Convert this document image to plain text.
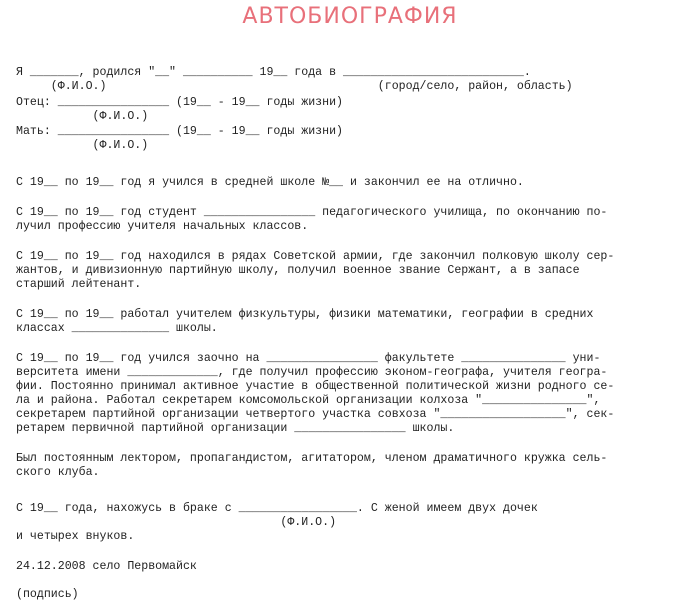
АВТОБИОГРАФИЯ
Я _______, родился "__" __________ 19__ года в __________________________.
(Ф.И.О.)                                       (город/село, район, область)
Отец: ________________ (19__ - 19__ годы жизни)
(Ф.И.О.)
Мать: ________________ (19__ - 19__ годы жизни)
(Ф.И.О.)
С 19__ по 19__ год я учился в средней школе №__ и закончил ее на отлично.
С 19__ по 19__ год студент ________________ педагогического училища, по окончанию по-
лучил профессию учителя начальных классов.
С 19__ по 19__ год находился в рядах Советской армии, где закончил полковую школу сер-
жантов, и дивизионную партийную школу, получил военное звание Сержант, а в запасе
старший лейтенант.
С 19__ по 19__ работал учителем физкультуры, физики математики, географии в средних
классах ______________ школы.
С 19__ по 19__ год учился заочно на ________________ факультете _______________ уни-
верситета имени _____________, где получил профессию эконом-географа, учителя геогра-
фии. Постоянно принимал активное участие в общественной политической жизни родного се-
ла и района. Работал секретарем комсомольской организации колхоза "_______________",
секретарем партийной организации четвертого участка совхоза "__________________", сек-
ретарем первичной партийной организации ________________ школы.
Был постоянным лектором, пропагандистом, агитатором, членом драматичного кружка сель-
ского клуба.
С 19__ года, нахожусь в браке с _________________. С женой имеем двух дочек
(Ф.И.О.)
и четырех внуков.
24.12.2008 село Первомайск
(подпись)
